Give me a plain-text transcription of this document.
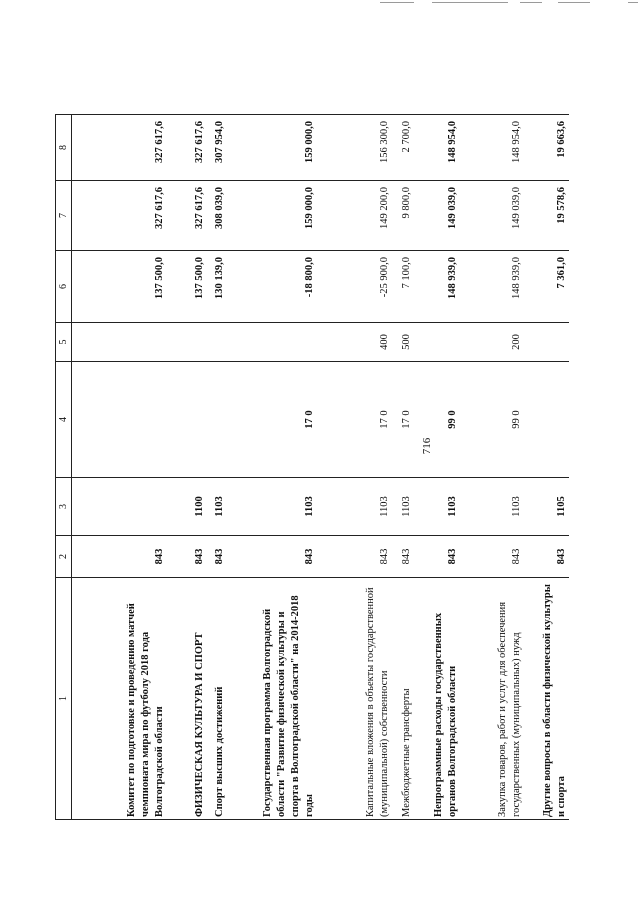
716
1	2	3	4	5	6	7	8
Комитет по подготовке и проведению матчей чемпионата мира по футболу 2018 года Волгоградской области	843				137 500,0	327 617,6	327 617,6
ФИЗИЧЕСКАЯ КУЛЬТУРА И СПОРТ	843	1100			137 500,0	327 617,6	327 617,6
Спорт высших достижений	843	1103			130 139,0	308 039,0	307 954,0
Государственная программа Волгоградской области "Развитие физической культуры и спорта в Волгоградской области" на 2014-2018 годы	843	1103	17 0		-18 800,0	159 000,0	159 000,0
Капитальные вложения в объекты государственной (муниципальной) собственности	843	1103	17 0	400	-25 900,0	149 200,0	156 300,0
Межбюджетные трансферты	843	1103	17 0	500	7 100,0	9 800,0	2 700,0
Непрограммные расходы государственных органов Волгоградской области	843	1103	99 0		148 939,0	149 039,0	148 954,0
Закупка товаров, работ и услуг для обеспечения государственных (муниципальных) нужд	843	1103	99 0	200	148 939,0	149 039,0	148 954,0
Другие вопросы в области физической культуры и спорта	843	1105			7 361,0	19 578,6	19 663,6
